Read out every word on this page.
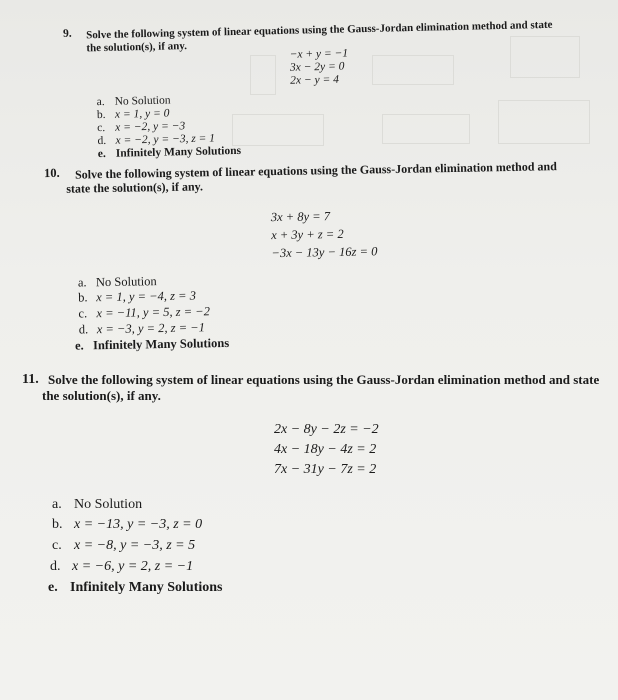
9. Solve the following system of linear equations using the Gauss-Jordan elimination method and state
the solution(s), if any.	−x + y = −1
3x − 2y = 0
2x − y = 4
a. No Solution
b. x = 1, y = 0
c. x = −2, y = −3
d. x = −2, y = −3, z = 1
e. Infinitely Many Solutions
10. Solve the following system of linear equations using the Gauss-Jordan elimination method and
state the solution(s), if any.
3x + 8y = 7
x + 3y + z = 2
−3x − 13y − 16z = 0
a. No Solution
b. x = 1, y = −4, z = 3
c. x = −11, y = 5, z = −2
d. x = −3, y = 2, z = −1
e. Infinitely Many Solutions
11. Solve the following system of linear equations using the Gauss-Jordan elimination method and state
the solution(s), if any.
2x − 8y − 2z = −2
4x − 18y − 4z = 2
7x − 31y − 7z = 2
a. No Solution
b. x = −13, y = −3, z = 0
c. x = −8, y = −3, z = 5
d. x = −6, y = 2, z = −1
e. Infinitely Many Solutions
